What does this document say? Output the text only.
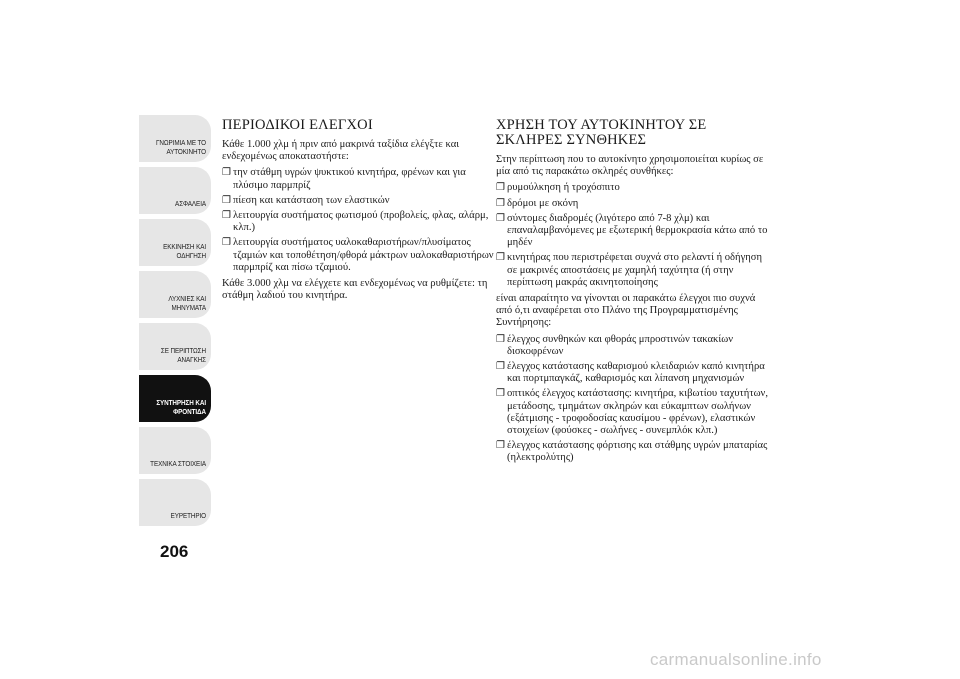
ΓΝΩΡΙΜΙΑ ΜΕ ΤΟ ΑΥΤΟΚΙΝΗΤΟ
ΑΣΦΑΛΕΙΑ
ΕΚΚΙΝΗΣΗ ΚΑΙ ΟΔΗΓΗΣΗ
ΛΥΧΝΙΕΣ ΚΑΙ ΜΗΝΥΜΑΤΑ
ΣΕ ΠΕΡΙΠΤΩΣΗ ΑΝΑΓΚΗΣ
ΣΥΝΤΗΡΗΣΗ ΚΑΙ ΦΡΟΝΤΙΔΑ
ΤΕΧΝΙΚΑ ΣΤΟΙΧΕΙΑ
ΕΥΡΕΤΗΡΙΟ
206
ΠΕΡΙΟΔΙΚΟΙ ΕΛΕΓΧΟΙ

Κάθε 1.000 χλμ ή πριν από μακρινά ταξίδια ελέγξτε και ενδεχομένως αποκαταστήστε:

❐ την στάθμη υγρών ψυκτικού κινητήρα, φρένων και για πλύσιμο παρμπρίζ
❐ πίεση και κατάσταση των ελαστικών
❐ λειτουργία συστήματος φωτισμού (προβολείς, φλας, αλάρμ, κλπ.)
❐ λειτουργία συστήματος υαλοκαθαριστήρων/πλυσίματος τζαμιών και τοποθέτηση/φθορά μάκτρων υαλοκαθαριστήρων παρμπρίζ και πίσω τζαμιού.

Κάθε 3.000 χλμ να ελέγχετε και ενδεχομένως να ρυθμίζετε: τη στάθμη λαδιού του κινητήρα.

ΧΡΗΣΗ ΤΟΥ ΑΥΤΟΚΙΝΗΤΟΥ ΣΕ ΣΚΛΗΡΕΣ ΣΥΝΘΗΚΕΣ

Στην περίπτωση που το αυτοκίνητο χρησιμοποιείται κυρίως σε μία από τις παρακάτω σκληρές συνθήκες:

❐ ρυμούλκηση ή τροχόσπιτο
❐ δρόμοι με σκόνη
❐ σύντομες διαδρομές (λιγότερο από 7-8 χλμ) και επαναλαμβανόμενες με εξωτερική θερμοκρασία κάτω από το μηδέν
❐ κινητήρας που περιστρέφεται συχνά στο ρελαντί ή οδήγηση σε μακρινές αποστάσεις με χαμηλή ταχύτητα (ή στην περίπτωση μακράς ακινητοποίησης

είναι απαραίτητο να γίνονται οι παρακάτω έλεγχοι πιο συχνά από ό,τι αναφέρεται στο Πλάνο της Προγραμματισμένης Συντήρησης:

❐ έλεγχος συνθηκών και φθοράς μπροστινών τακακίων δισκοφρένων
❐ έλεγχος κατάστασης καθαρισμού κλειδαριών καπό κινητήρα και πορτμπαγκάζ, καθαρισμός και λίπανση μηχανισμών
❐ οπτικός έλεγχος κατάστασης: κινητήρα, κιβωτίου ταχυτήτων, μετάδοσης, τμημάτων σκληρών και εύκαμπτων σωλήνων (εξάτμισης - τροφοδοσίας καυσίμου - φρένων), ελαστικών στοιχείων (φούσκες - σωλήνες - συνεμπλόκ κλπ.)
❐ έλεγχος κατάστασης φόρτισης και στάθμης υγρών μπαταρίας (ηλεκτρολύτης)
carmanualsonline.info
